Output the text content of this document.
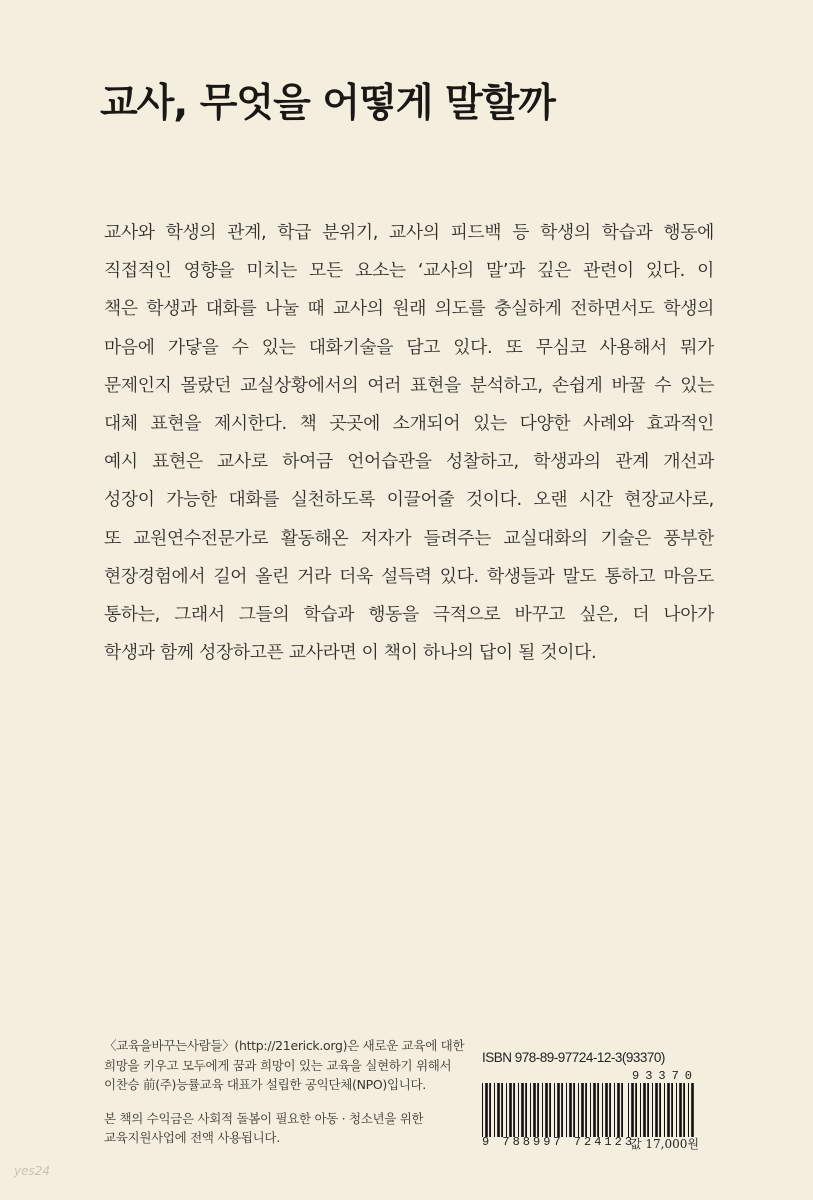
교사, 무엇을 어떻게 말할까
교사와 학생의 관계, 학급 분위기, 교사의 피드백 등 학생의 학습과 행동에
직접적인 영향을 미치는 모든 요소는 ‘교사의 말’과 깊은 관련이 있다. 이
책은 학생과 대화를 나눌 때 교사의 원래 의도를 충실하게 전하면서도 학생의
마음에 가닿을 수 있는 대화기술을 담고 있다. 또 무심코 사용해서 뭐가
문제인지 몰랐던 교실상황에서의 여러 표현을 분석하고, 손쉽게 바꿀 수 있는
대체 표현을 제시한다. 책 곳곳에 소개되어 있는 다양한 사례와 효과적인
예시 표현은 교사로 하여금 언어습관을 성찰하고, 학생과의 관계 개선과
성장이 가능한 대화를 실천하도록 이끌어줄 것이다. 오랜 시간 현장교사로,
또 교원연수전문가로 활동해온 저자가 들려주는 교실대화의 기술은 풍부한
현장경험에서 길어 올린 거라 더욱 설득력 있다. 학생들과 말도 통하고 마음도
통하는, 그래서 그들의 학습과 행동을 극적으로 바꾸고 싶은, 더 나아가
학생과 함께 성장하고픈 교사라면 이 책이 하나의 답이 될 것이다.
〈교육을바꾸는사람들〉(http://21erick.org)은 새로운 교육에 대한
희망을 키우고 모두에게 꿈과 희망이 있는 교육을 실현하기 위해서
이찬승 前(주)능률교육 대표가 설립한 공익단체(NPO)입니다.
본 책의 수익금은 사회적 돌봄이 필요한 아동 · 청소년을 위한
교육지원사업에 전액 사용됩니다.
ISBN 978-89-97724-12-3(93370)
93370
9 788997 724123
값 17,000원
yes24
